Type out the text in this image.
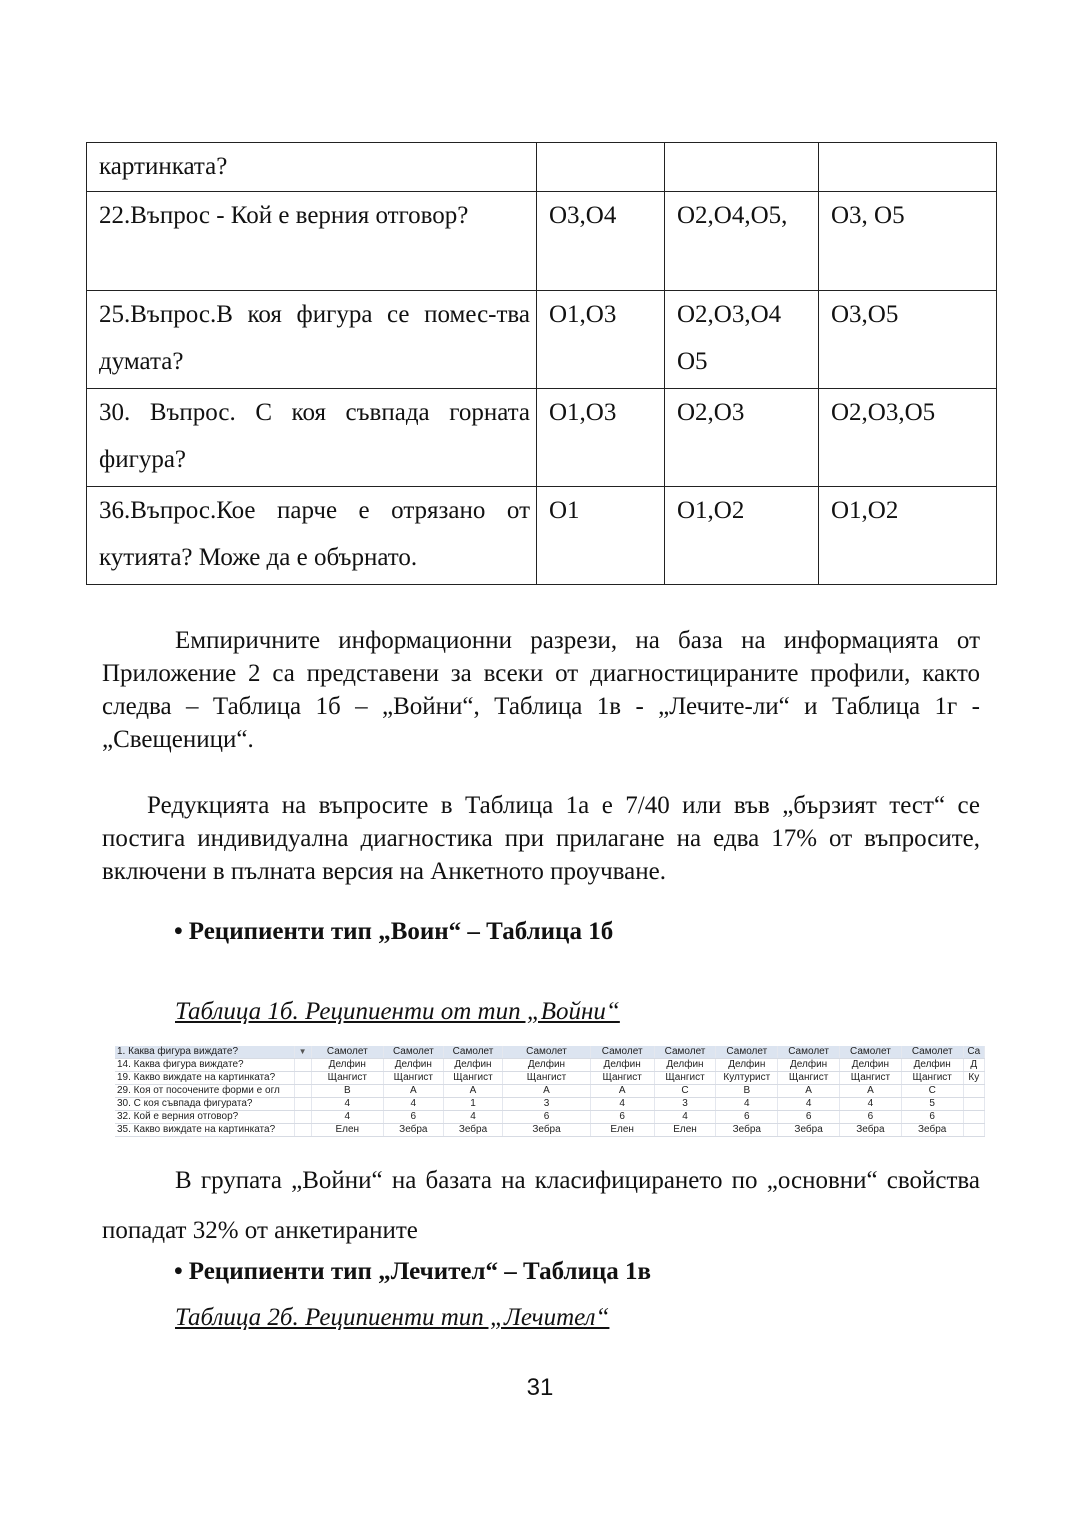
картинката?			
22.Въпрос - Кой е верния отговор?	О3,О4	О2,О4,О5,	О3, О5
25.Въпрос.В коя фигура се помес-тва думата?	О1,О3	О2,О3,О4 О5	О3,О5
30. Въпрос. С коя съвпада горната фигура?	О1,О3	О2,О3	О2,О3,О5
36.Въпрос.Кое парче е отрязано от кутията? Може да е обърнато.	О1	О1,О2	О1,О2

Емпиричните информационни разрези, на база на информацията от Приложение 2 са представени за всеки от диагностицираните профили, както следва – Таблица 1б – „Войни“, Таблица 1в - „Лечите-ли“ и Таблица 1г - „Свещеници“.

Редукцията на въпросите в Таблица 1а е 7/40 или във „бързият тест“ се постига индивидуална диагностика при прилагане на едва 17% от въпросите, включени в пълната версия на Анкетното проучване.

• Реципиенти тип „Воин“ – Таблица 1б

Таблица 1б. Реципиенти от тип „Войни“

1. Каква фигура виждате?	▼	Самолет	Самолет	Самолет	Самолет	Самолет	Самолет	Самолет	Самолет	Самолет	Самолет	Са
14. Каква фигура виждате?		Делфин	Делфин	Делфин	Делфин	Делфин	Делфин	Делфин	Делфин	Делфин	Делфин	Д
19. Какво виждате на картинката?		Щангист	Щангист	Щангист	Щангист	Щангист	Щангист	Културист	Щангист	Щангист	Щангист	Ку
29. Коя от посочените форми е огл		B	A	A	A	A	C	B	A	A	C	
30. С коя съвпада фигурата?		4	4	1	3	4	3	4	4	4	5	
32. Кой е верния отговор?		4	6	4	6	6	4	6	6	6	6	
35. Какво виждате на картинката?		Елен	Зебра	Зебра	Зебра	Елен	Елен	Зебра	Зебра	Зебра	Зебра	

В групата „Войни“ на базата на класифицирането по „основни“ свойства попадат 32% от анкетираните

• Реципиенти тип „Лечител“ – Таблица 1в

Таблица 2б. Реципиенти тип „Лечител“

31
